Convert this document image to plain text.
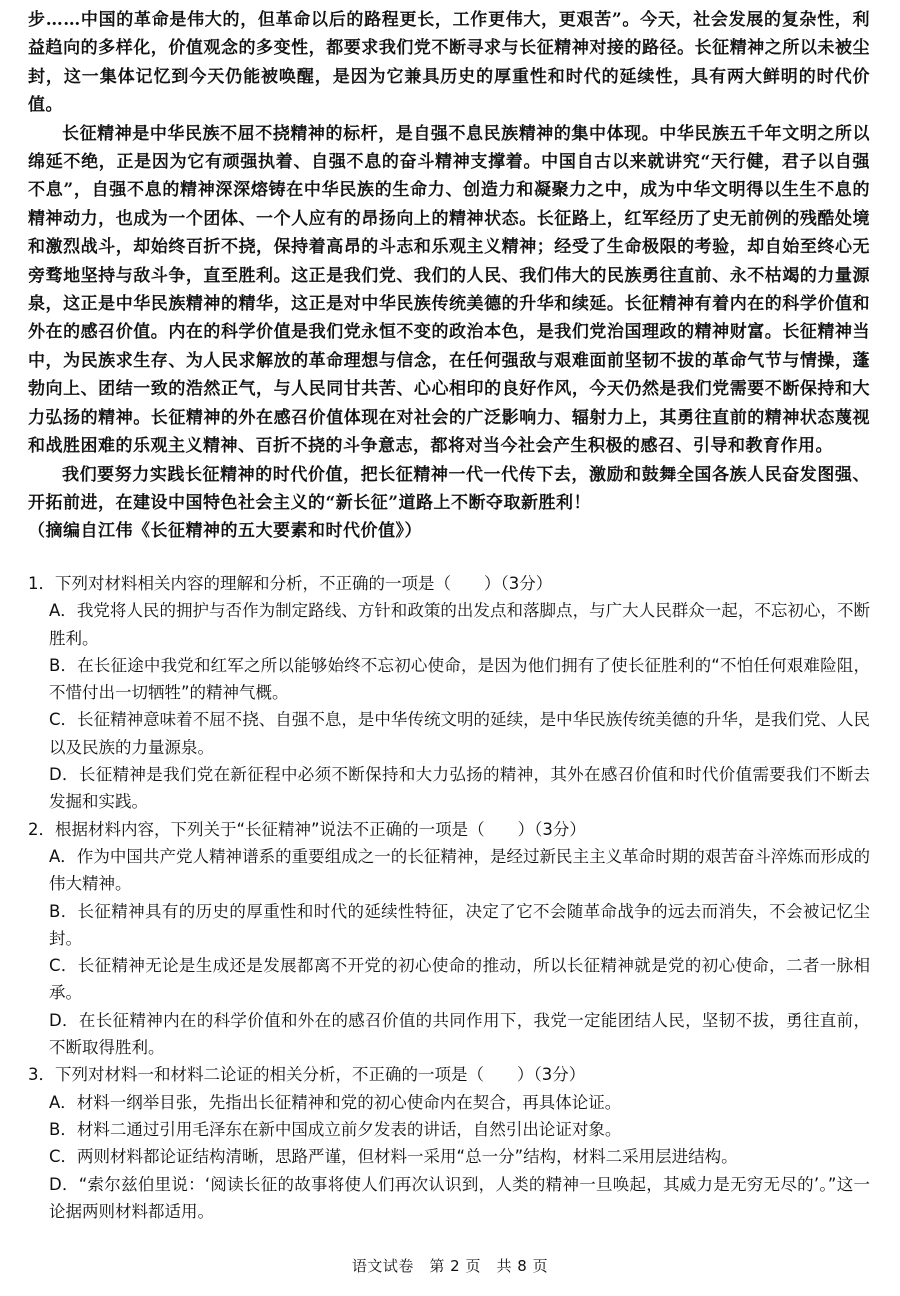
步……中国的革命是伟大的，但革命以后的路程更长，工作更伟大，更艰苦”。今天，社会发展的复杂性，利益趋向的多样化，价值观念的多变性，都要求我们党不断寻求与长征精神对接的路径。长征精神之所以未被尘封，这一集体记忆到今天仍能被唤醒，是因为它兼具历史的厚重性和时代的延续性，具有两大鲜明的时代价值。

长征精神是中华民族不屈不挠精神的标杆，是自强不息民族精神的集中体现。中华民族五千年文明之所以绵延不绝，正是因为它有顽强执着、自强不息的奋斗精神支撑着。中国自古以来就讲究“天行健，君子以自强不息”，自强不息的精神深深熔铸在中华民族的生命力、创造力和凝聚力之中，成为中华文明得以生生不息的精神动力，也成为一个团体、一个人应有的昂扬向上的精神状态。长征路上，红军经历了史无前例的残酷处境和激烈战斗，却始终百折不挠，保持着高昂的斗志和乐观主义精神；经受了生命极限的考验，却自始至终心无旁骛地坚持与敌斗争，直至胜利。这正是我们党、我们的人民、我们伟大的民族勇往直前、永不枯竭的力量源泉，这正是中华民族精神的精华，这正是对中华民族传统美德的升华和续延。长征精神有着内在的科学价值和外在的感召价值。内在的科学价值是我们党永恒不变的政治本色，是我们党治国理政的精神财富。长征精神当中，为民族求生存、为人民求解放的革命理想与信念，在任何强敌与艰难面前坚韧不拔的革命气节与情操，蓬勃向上、团结一致的浩然正气，与人民同甘共苦、心心相印的良好作风，今天仍然是我们党需要不断保持和大力弘扬的精神。长征精神的外在感召价值体现在对社会的广泛影响力、辐射力上，其勇往直前的精神状态蔑视和战胜困难的乐观主义精神、百折不挠的斗争意志，都将对当今社会产生积极的感召、引导和教育作用。

我们要努力实践长征精神的时代价值，把长征精神一代一代传下去，激励和鼓舞全国各族人民奋发图强、开拓前进，在建设中国特色社会主义的“新长征”道路上不断夺取新胜利！

（摘编自江伟《长征精神的五大要素和时代价值》）

1．下列对材料相关内容的理解和分析，不正确的一项是（　　）（3分）

A．我党将人民的拥护与否作为制定路线、方针和政策的出发点和落脚点，与广大人民群众一起，不忘初心，不断胜利。

B．在长征途中我党和红军之所以能够始终不忘初心使命，是因为他们拥有了使长征胜利的“不怕任何艰难险阻，不惜付出一切牺牲”的精神气概。

C．长征精神意味着不屈不挠、自强不息，是中华传统文明的延续，是中华民族传统美德的升华，是我们党、人民以及民族的力量源泉。

D．长征精神是我们党在新征程中必须不断保持和大力弘扬的精神，其外在感召价值和时代价值需要我们不断去发掘和实践。

2．根据材料内容，下列关于“长征精神”说法不正确的一项是（　　）（3分）

A．作为中国共产党人精神谱系的重要组成之一的长征精神，是经过新民主主义革命时期的艰苦奋斗淬炼而形成的伟大精神。

B．长征精神具有的历史的厚重性和时代的延续性特征，决定了它不会随革命战争的远去而消失，不会被记忆尘封。

C．长征精神无论是生成还是发展都离不开党的初心使命的推动，所以长征精神就是党的初心使命，二者一脉相承。

D．在长征精神内在的科学价值和外在的感召价值的共同作用下，我党一定能团结人民，坚韧不拔，勇往直前，不断取得胜利。

3．下列对材料一和材料二论证的相关分析，不正确的一项是（　　）（3分）

A．材料一纲举目张，先指出长征精神和党的初心使命内在契合，再具体论证。

B．材料二通过引用毛泽东在新中国成立前夕发表的讲话，自然引出论证对象。

C．两则材料都论证结构清晰，思路严谨，但材料一采用“总一分”结构，材料二采用层进结构。

D．“索尔兹伯里说：‘阅读长征的故事将使人们再次认识到，人类的精神一旦唤起，其威力是无穷无尽的’。”这一论据两则材料都适用。

语文试卷　第 2 页　共 8 页
